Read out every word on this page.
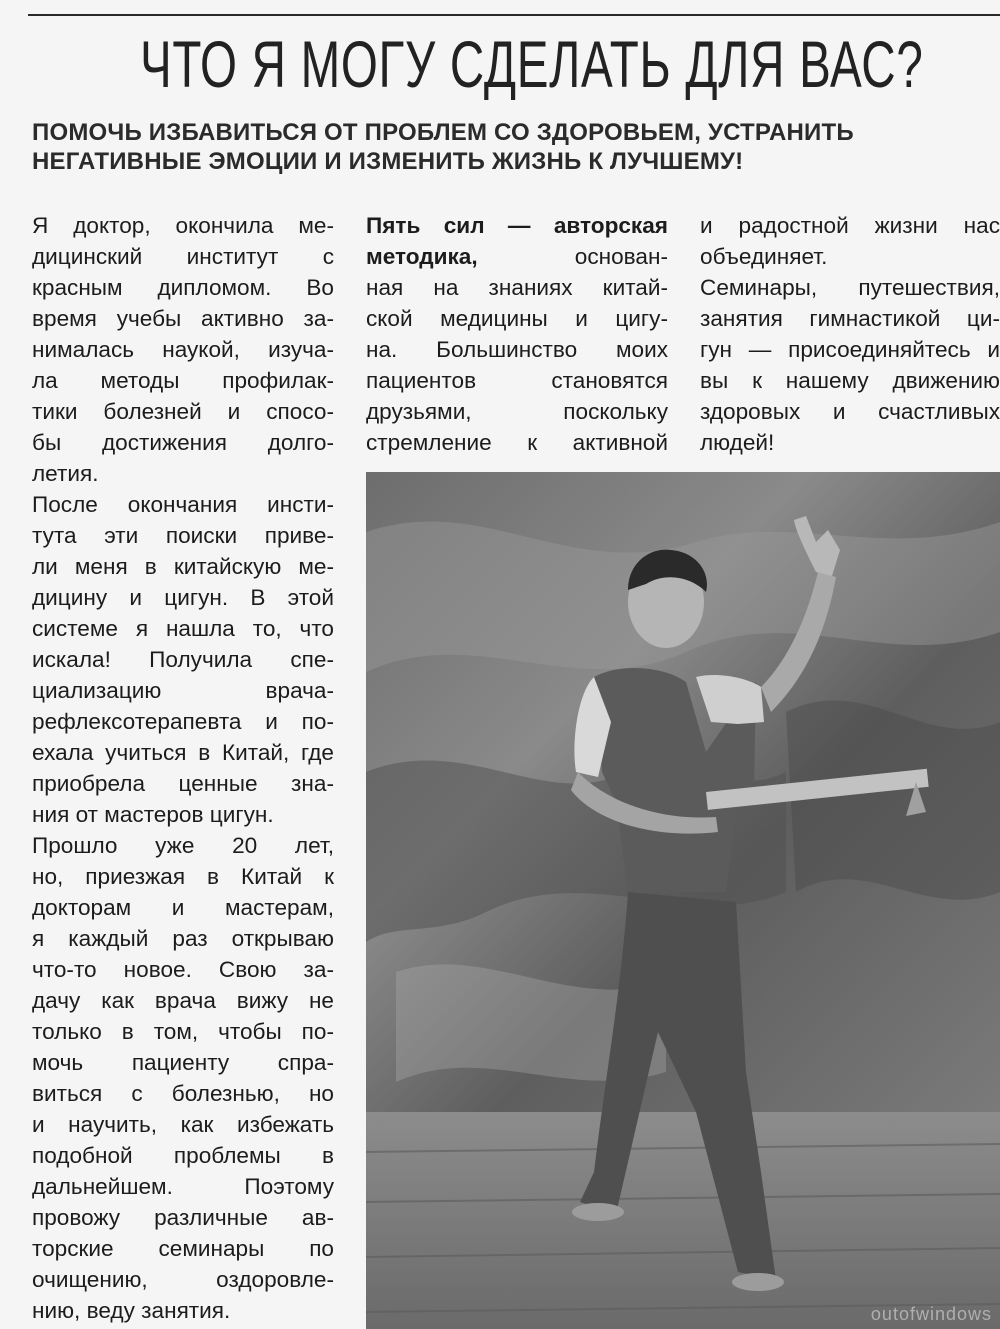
ЧТО Я МОГУ СДЕЛАТЬ ДЛЯ ВАС?
ПОМОЧЬ ИЗБАВИТЬСЯ ОТ ПРОБЛЕМ СО ЗДОРОВЬЕМ, УСТРАНИТЬ
НЕГАТИВНЫЕ ЭМОЦИИ И ИЗМЕНИТЬ ЖИЗНЬ К ЛУЧШЕМУ!
Я доктор, окончила ме-
дицинский институт с
красным дипломом. Во
время учебы активно за-
нималась наукой, изуча-
ла методы профилак-
тики болезней и спосо-
бы достижения долго-
летия.
После окончания инсти-
тута эти поиски приве-
ли меня в китайскую ме-
дицину и цигун. В этой
системе я нашла то, что
искала! Получила спе-
циализацию врача-
рефлексотерапевта и по-
ехала учиться в Китай, где
приобрела ценные зна-
ния от мастеров цигун.
Прошло уже 20 лет,
но, приезжая в Китай к
докторам и мастерам,
я каждый раз открываю
что-то новое. Свою за-
дачу как врача вижу не
только в том, чтобы по-
мочь пациенту спра-
виться с болезнью, но
и научить, как избежать
подобной проблемы в
дальнейшем. Поэтому
провожу различные ав-
торские семинары по
очищению, оздоровле-
нию, веду занятия.
Пять сил — авторская
методика, основан-
ная на знаниях китай-
ской медицины и цигу-
на. Большинство моих
пациентов становятся
друзьями, поскольку
стремление к активной
и радостной жизни нас
объединяет.
Семинары, путешествия,
занятия гимнастикой ци-
гун — присоединяйтесь и
вы к нашему движению
здоровых и счастливых
людей!
outofwindows
